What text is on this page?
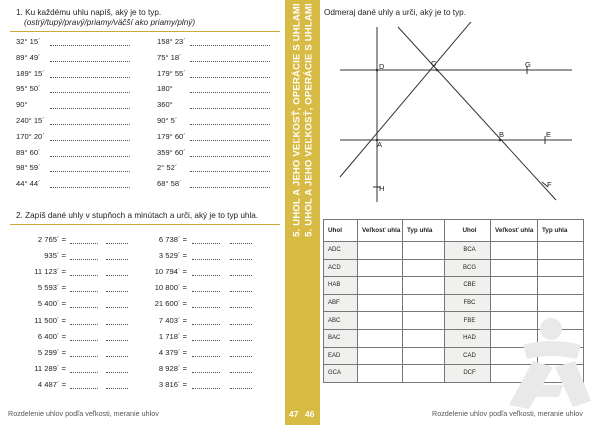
1. Ku každému uhlu napíš, aký je to typ.
(ostrý/tupý/pravý/priamy/väčší ako priamy/plný)
32° 15´	158° 23´
89° 49´	75° 18´
189° 15´	179° 55´
95° 50´	180°
90°	360°
240° 15´	90° 5´
170° 20´	179° 60´
89° 60´	359° 60´
98° 59´	2° 52´
44° 44´	68° 58´
2. Zapíš dané uhly v stupňoch a minútach a urči, aký je to typ uhla.
2 765´ =	6 738´ =
935´ =	3 529´ =
11 123´ =	10 794´ =
5 593´ =	10 800´ =
5 400´ =	21 600´ =
11 500´ =	7 403´ =
6 400´ =	1 718´ =
5 299´ =	4 379´ =
11 289´ =	8 928´ =
4 487´ =	3 816´ =
Rozdelenie uhlov podľa veľkosti, meranie uhlov
5. UHOL A JEHO VEĽKOSŤ, OPERÁCIE S UHLAMI 5. UHOL A JEHO VEĽKOSŤ, OPERÁCIE S UHLAMI
47 46
Odmeraj dané uhly a urči, aký je to typ.
Rozdelenie uhlov podľa veľkosti, meranie uhlov
D	C	G
A
B	E
H	F
Uhol	Veľkosť uhla	Typ uhla	Uhol	Veľkosť uhla	Typ uhla
ADC			BCA		
ACD			BCG		
HAB			CBE		
ABF			FBC		
ABC			FBE		
BAC			HAD		
EAD			CAD		
GCA			DCF		
